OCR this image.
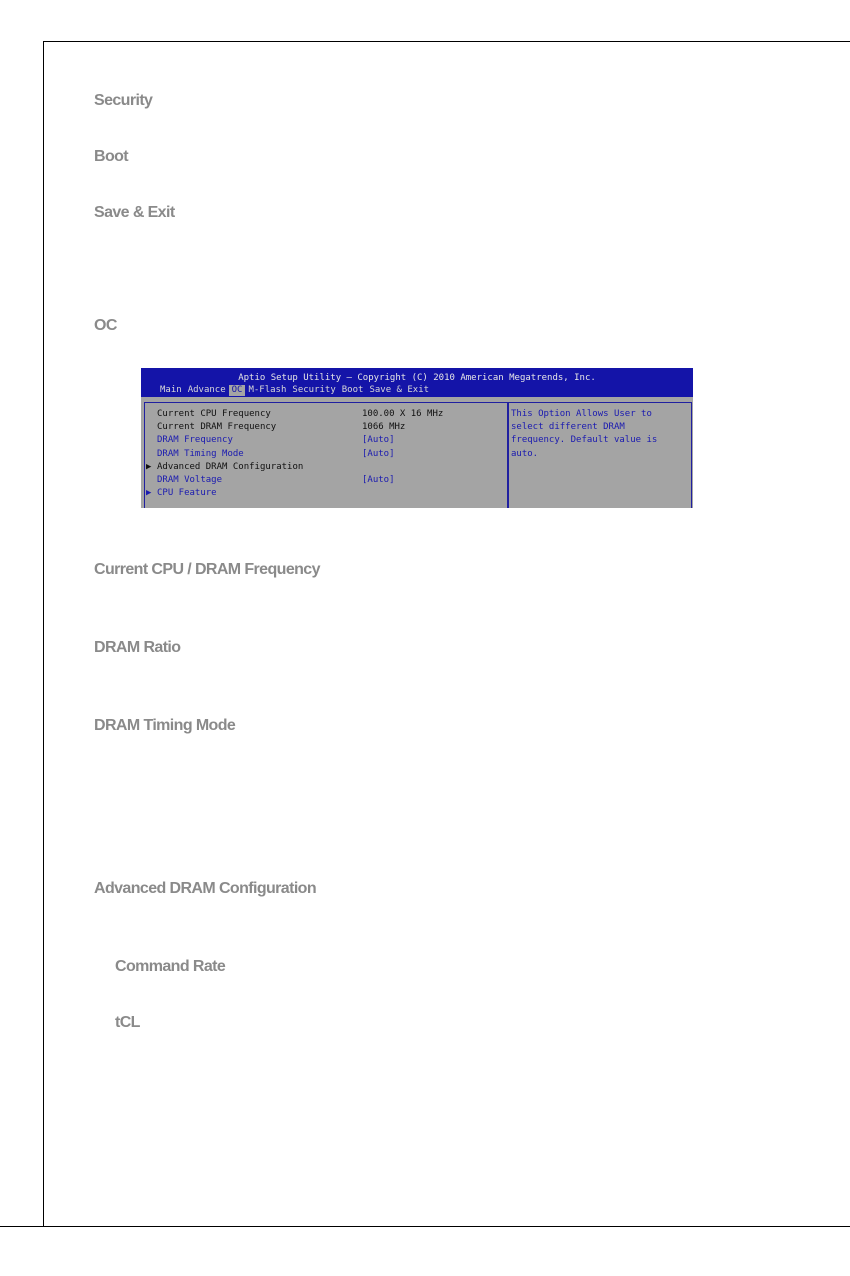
Security
Boot
Save & Exit
OC
Aptio Setup Utility – Copyright (C) 2010 American Megatrends, Inc.
Main Advance OC M-Flash Security Boot Save & Exit
Current CPU Frequency	100.00 X 16 MHz
Current DRAM Frequency	1066 MHz
DRAM Frequency	[Auto]
DRAM Timing Mode	[Auto]
▶ Advanced DRAM Configuration
DRAM Voltage	[Auto]
▶ CPU Feature
This Option Allows User to
select different DRAM
frequency. Default value is
auto.
Current CPU / DRAM Frequency
DRAM Ratio
DRAM Timing Mode
Advanced DRAM Configuration
Command Rate
tCL
